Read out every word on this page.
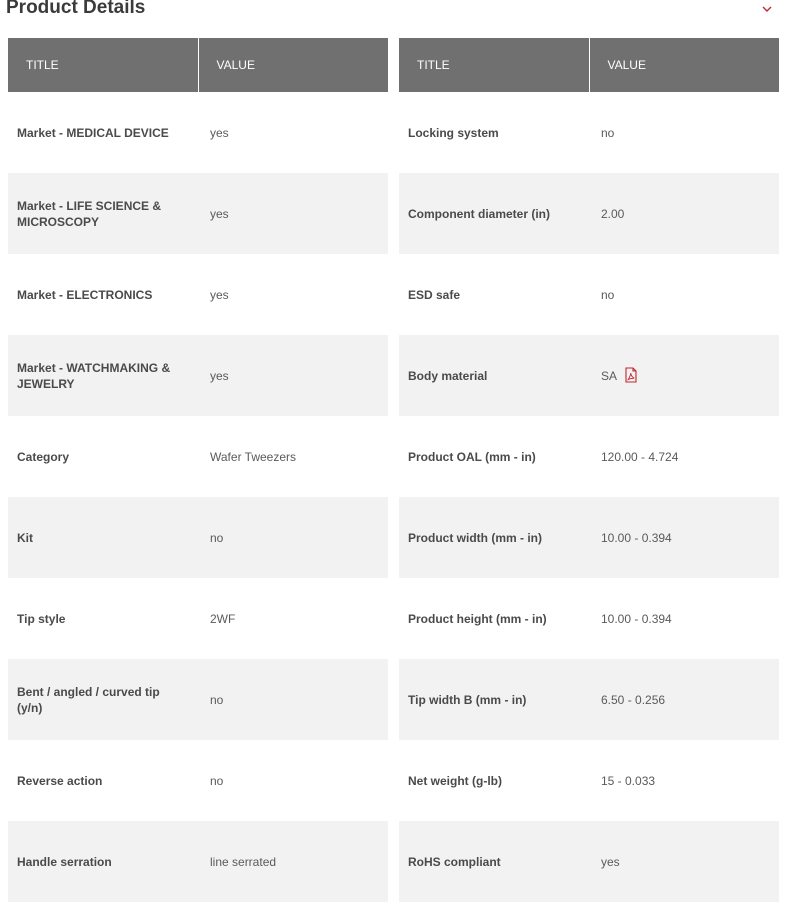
Product Details
TITLE	VALUE
Market - MEDICAL DEVICE	yes
Market - LIFE SCIENCE & MICROSCOPY	yes
Market - ELECTRONICS	yes
Market - WATCHMAKING & JEWELRY	yes
Category	Wafer Tweezers
Kit	no
Tip style	2WF
Bent / angled / curved tip (y/n)	no
Reverse action	no
Handle serration	line serrated
TITLE	VALUE
Locking system	no
Component diameter (in)	2.00
ESD safe	no
Body material	SA

Product OAL (mm - in)	120.00 - 4.724
Product width (mm - in)	10.00 - 0.394
Product height (mm - in)	10.00 - 0.394
Tip width B (mm - in)	6.50 - 0.256
Net weight (g-lb)	15 - 0.033
RoHS compliant	yes
